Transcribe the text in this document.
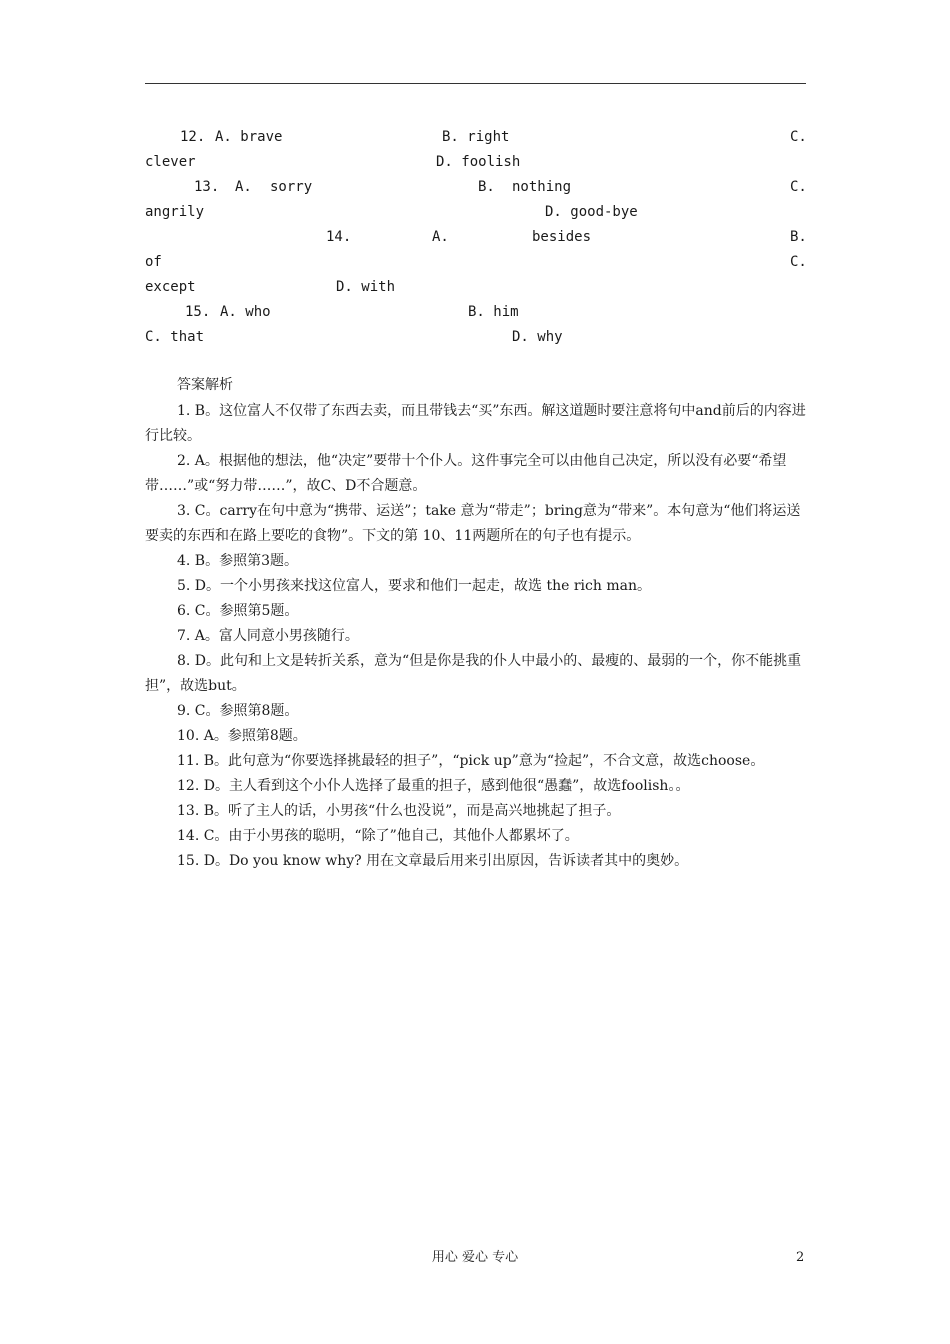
12. A. brave	B. right	C.
clever	D. foolish
13. A. sorry	B. nothing	C.
angrily	D. good-bye
14.	A.	besides	B.
of	C.
except	D. with
15. A. who	B. him
C. that	D. why
答案解析

1. B。这位富人不仅带了东西去卖，而且带钱去“买”东西。解这道题时要注意将句中and前后的内容进行比较。

2. A。根据他的想法，他“决定”要带十个仆人。这件事完全可以由他自己决定，所以没有必要“希望带……”或“努力带……”，故C、D不合题意。

3. C。carry在句中意为“携带、运送”；take 意为“带走”；bring意为“带来”。本句意为“他们将运送要卖的东西和在路上要吃的食物”。下文的第 10、11两题所在的句子也有提示。

4. B。参照第3题。

5. D。一个小男孩来找这位富人，要求和他们一起走，故选 the rich man。

6. C。参照第5题。

7. A。富人同意小男孩随行。

8. D。此句和上文是转折关系，意为“但是你是我的仆人中最小的、最瘦的、最弱的一个，你不能挑重担”，故选but。

9. C。参照第8题。

10. A。参照第8题。

11. B。此句意为“你要选择挑最轻的担子”，“pick up”意为“捡起”，不合文意，故选choose。

12. D。主人看到这个小仆人选择了最重的担子，感到他很“愚蠢”，故选foolish。。

13. B。听了主人的话，小男孩“什么也没说”，而是高兴地挑起了担子。

14. C。由于小男孩的聪明，“除了”他自己，其他仆人都累坏了。

15. D。Do you know why? 用在文章最后用来引出原因，告诉读者其中的奥妙。

用心 爱心 专心	2
